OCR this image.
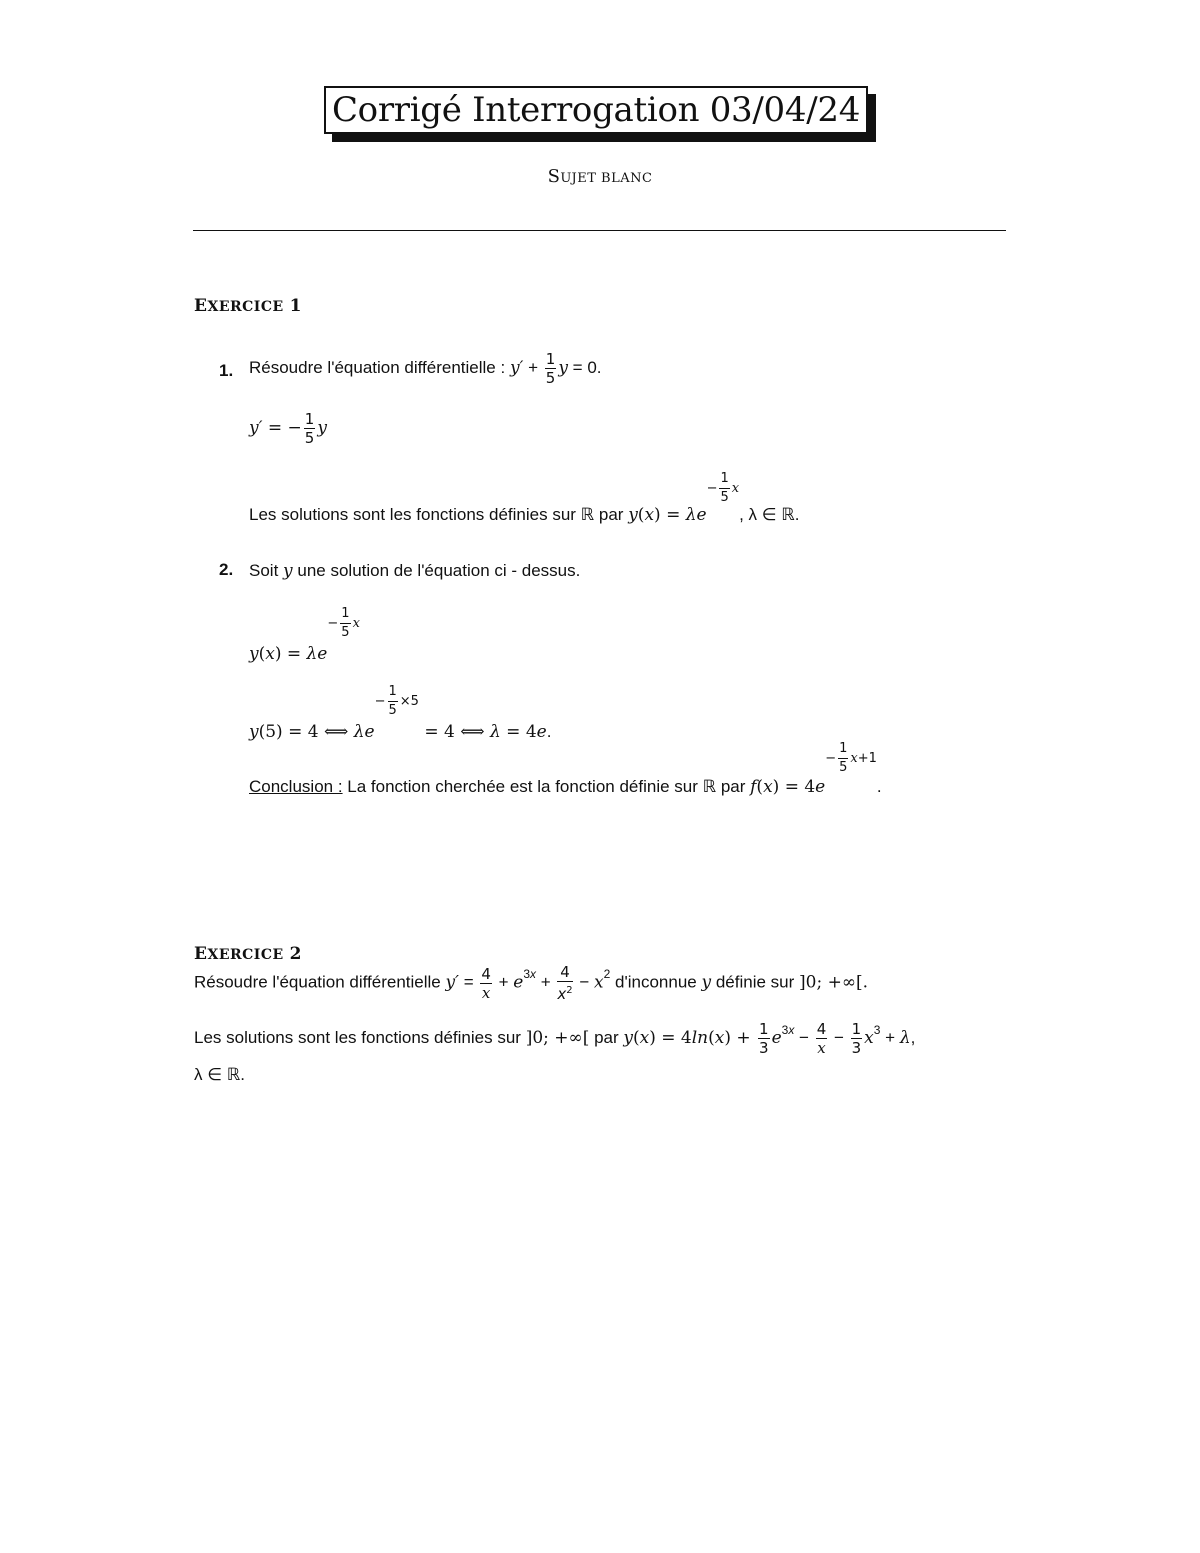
Corrigé Interrogation 03/04/24
SUJET BLANC
EXERCICE 1
1. Résoudre l'équation différentielle : $y' + \frac{1}{5}$ y = 0.
y′ = − $\frac{1}{5}$ y
Les solutions sont les fonctions définies sur ℝ par $y(x) = \lambda e- \frac{1}{5} x$, λ ∈ ℝ.
2. Soit y une solution de l'équation ci - dessus.
$y(x) = \lambda e- \frac{1}{5}$ x
y(5) = 4 ⟺ $\lambda e- \frac{1}{5} \times 5 = 4$ ⟺ λ = 4e.
Conclusion : La fonction cherchée est la fonction définie sur ℝ par $f(x) = 4e- \frac{1}{5} x+1$.
EXERCICE 2
Résoudre l'équation différentielle $y' = \frac{4}{x} + e^{3x} + \frac{4}{x^2} - x^2$ d'inconnue y définie sur ]0; +∞[.
Les solutions sont les fonctions définies sur ]0; +∞[ par $y(x) = 4\ln(x) + \frac{1}{3} e^{3x} - \frac{4}{x} - \frac{1}{3} x^3 + \lambda$,
λ ∈ ℝ.
